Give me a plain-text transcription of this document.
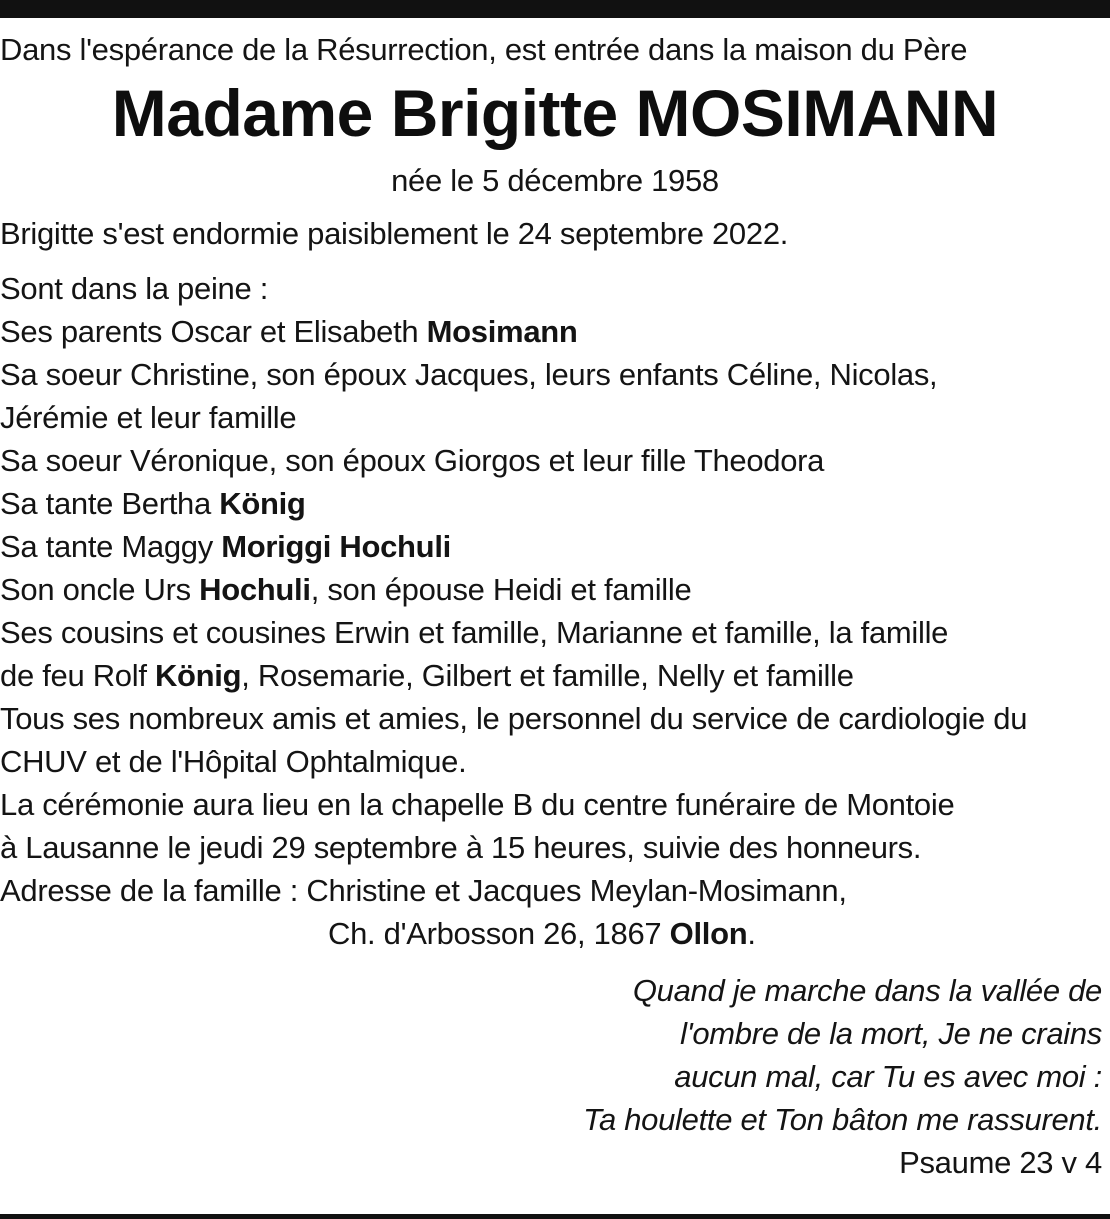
Dans l'espérance de la Résurrection, est entrée dans la maison du Père
Madame Brigitte MOSIMANN
née le 5 décembre 1958
Brigitte s'est endormie paisiblement le 24 septembre 2022.
Sont dans la peine :
Ses parents Oscar et Elisabeth Mosimann
Sa soeur Christine, son époux Jacques, leurs enfants Céline, Nicolas,
Jérémie et leur famille
Sa soeur Véronique, son époux Giorgos et leur fille Theodora
Sa tante Bertha König
Sa tante Maggy Moriggi Hochuli
Son oncle Urs Hochuli, son épouse Heidi et famille
Ses cousins et cousines Erwin et famille, Marianne et famille, la famille
de feu Rolf König, Rosemarie, Gilbert et famille, Nelly et famille
Tous ses nombreux amis et amies, le personnel du service de cardiologie du
CHUV et de l'Hôpital Ophtalmique.
La cérémonie aura lieu en la chapelle B du centre funéraire de Montoie
à Lausanne le jeudi 29 septembre à 15 heures, suivie des honneurs.
Adresse de la famille : Christine et Jacques Meylan-Mosimann,
Ch. d'Arbosson 26, 1867 Ollon.
Quand je marche dans la vallée de
l'ombre de la mort, Je ne crains
aucun mal, car Tu es avec moi :
Ta houlette et Ton bâton me rassurent.
Psaume 23 v 4
